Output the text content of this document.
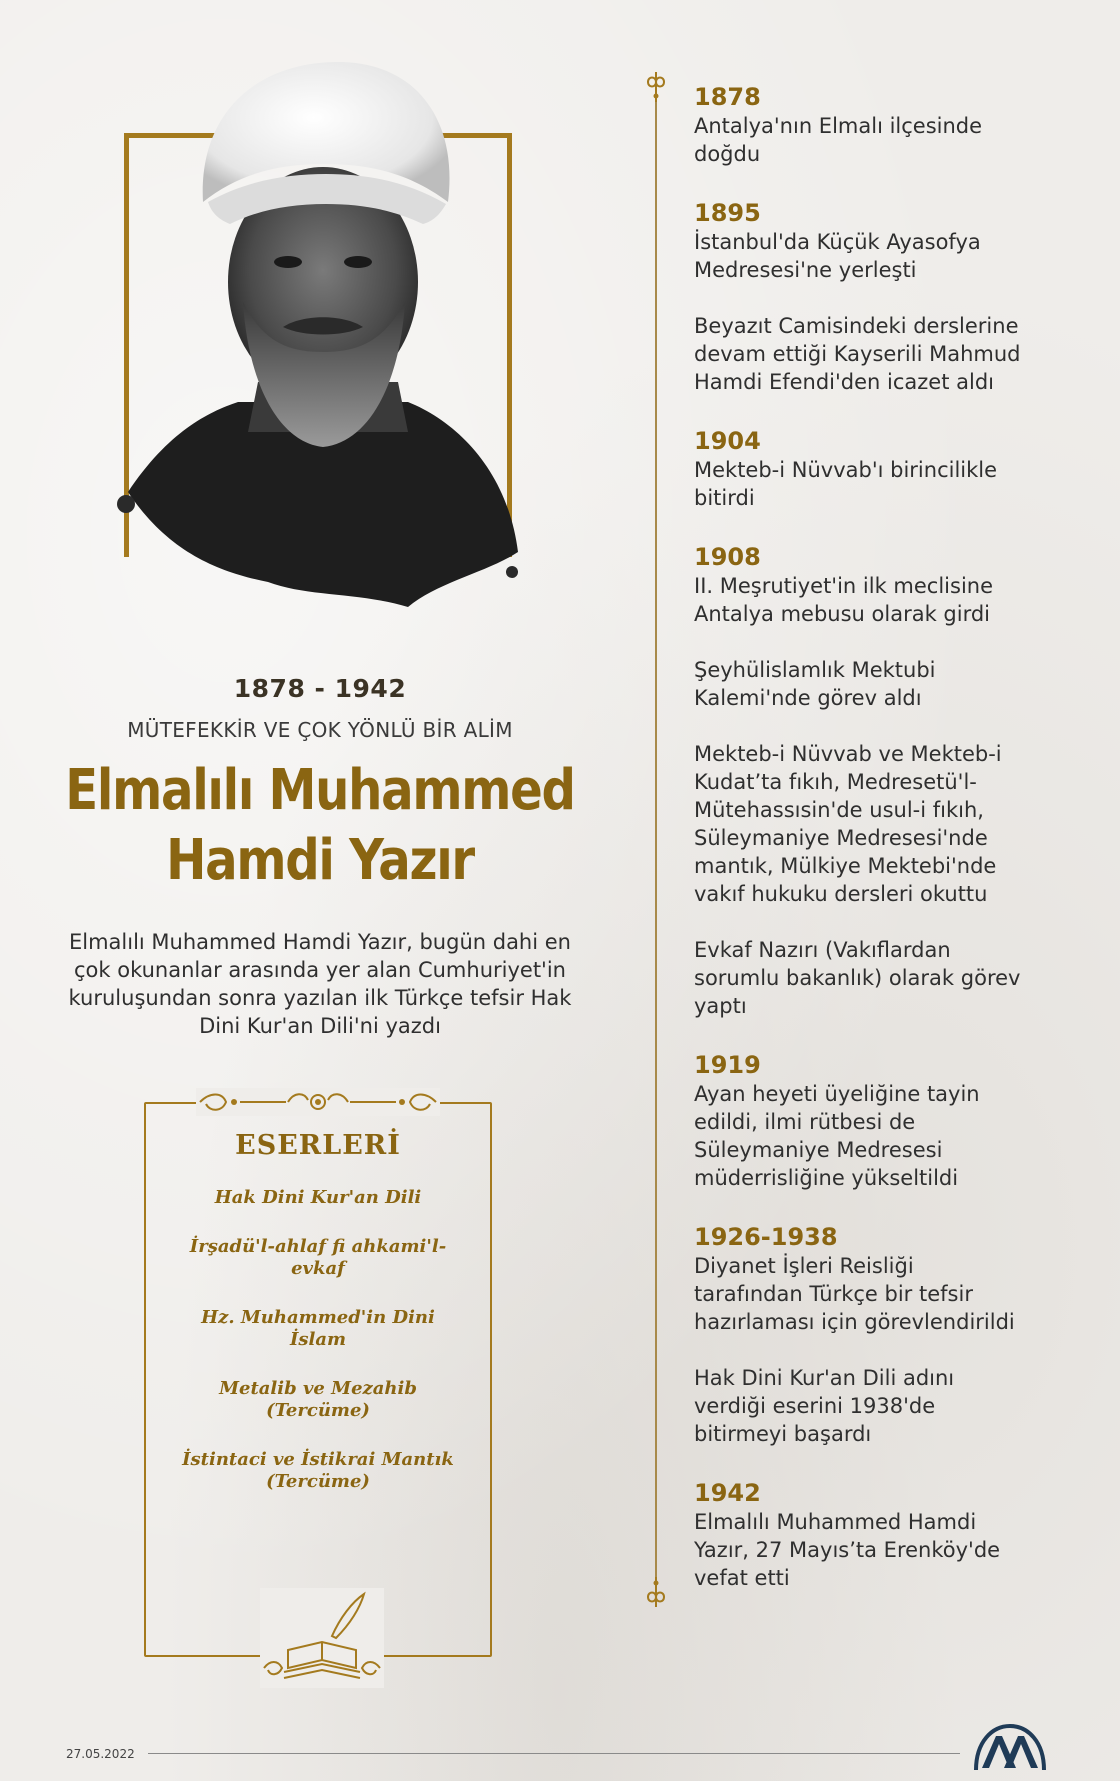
1878 - 1942
MÜTEFEKKİR VE ÇOK YÖNLÜ BİR ALİM
Elmalılı Muhammed
Hamdi Yazır
Elmalılı Muhammed Hamdi Yazır, bugün dahi en çok okunanlar arasında yer alan Cumhuriyet'in kuruluşundan sonra yazılan ilk Türkçe tefsir Hak Dini Kur'an Dili'ni yazdı
ESERLERİ
Hak Dini Kur'an Dili
İrşadü'l-ahlaf fi ahkami'l-evkaf
Hz. Muhammed'in Dini İslam
Metalib ve Mezahib (Tercüme)
İstintaci ve İstikrai Mantık (Tercüme)
1878
Antalya'nın Elmalı ilçesinde doğdu
1895
İstanbul'da Küçük Ayasofya Medresesi'ne yerleşti
Beyazıt Camisindeki derslerine devam ettiği Kayserili Mahmud Hamdi Efendi'den icazet aldı
1904
Mekteb-i Nüvvab'ı birincilikle bitirdi
1908
II. Meşrutiyet'in ilk meclisine Antalya mebusu olarak girdi
Şeyhülislamlık Mektubi Kalemi'nde görev aldı
Mekteb-i Nüvvab ve Mekteb-i Kudat’ta fıkıh, Medresetü'l-Mütehassısin'de usul-i fıkıh, Süleymaniye Medresesi'nde mantık, Mülkiye Mektebi'nde vakıf hukuku dersleri okuttu
Evkaf Nazırı (Vakıflardan sorumlu bakanlık) olarak görev yaptı
1919
Ayan heyeti üyeliğine tayin edildi, ilmi rütbesi de Süleymaniye Medresesi müderrisliğine yükseltildi
1926-1938
Diyanet İşleri Reisliği tarafından Türkçe bir tefsir hazırlaması için görevlendirildi
Hak Dini Kur'an Dili adını verdiği eserini 1938'de bitirmeyi başardı
1942
Elmalılı Muhammed Hamdi Yazır, 27 Mayıs’ta Erenköy'de vefat etti
27.05.2022
